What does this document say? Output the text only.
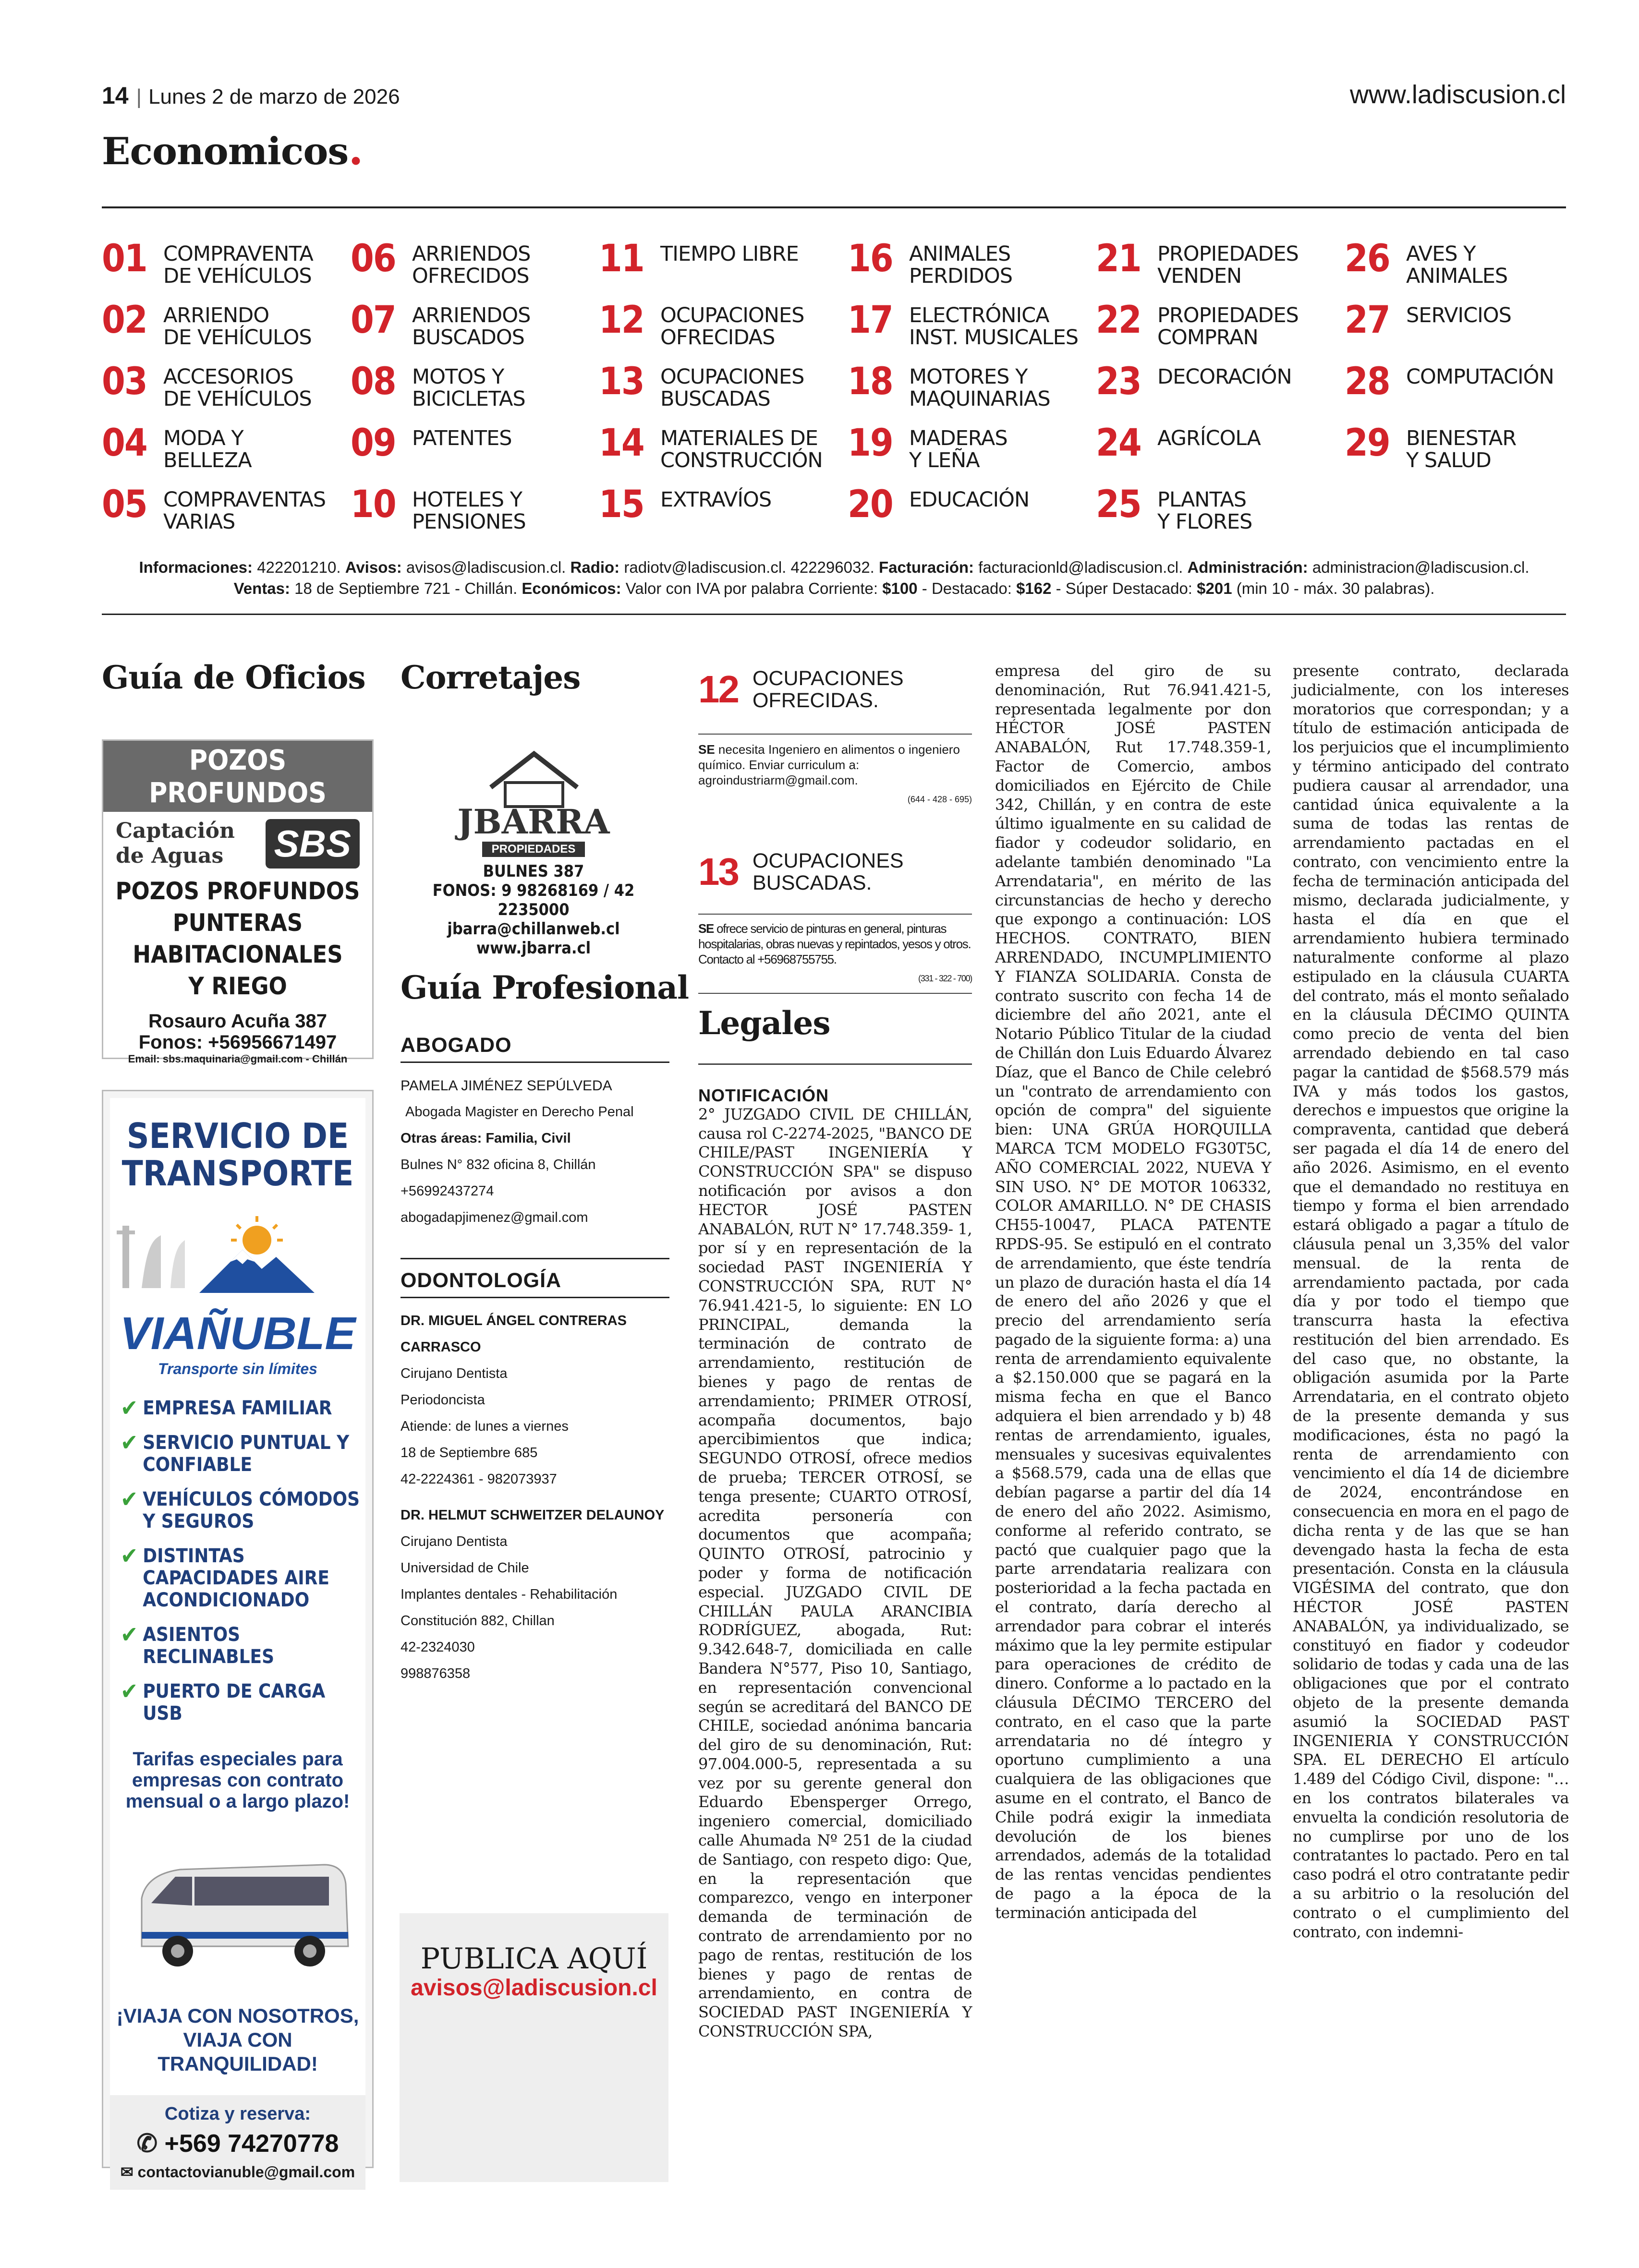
14 | Lunes 2 de marzo de 2026	www.ladiscusion.cl
Economicos.
01 COMPRAVENTA
DE VEHÍCULOS
02 ARRIENDO
DE VEHÍCULOS
03 ACCESORIOS
DE VEHÍCULOS
04 MODA Y
BELLEZA
05 COMPRAVENTAS
VARIAS
06 ARRIENDOS
OFRECIDOS
07 ARRIENDOS
BUSCADOS
08 MOTOS Y
BICICLETAS
09 PATENTES
10 HOTELES Y
PENSIONES
11 TIEMPO LIBRE
12 OCUPACIONES
OFRECIDAS
13 OCUPACIONES
BUSCADAS
14 MATERIALES DE
CONSTRUCCIÓN
15 EXTRAVÍOS
16 ANIMALES
PERDIDOS
17 ELECTRÓNICA
INST. MUSICALES
18 MOTORES Y
MAQUINARIAS
19 MADERAS
Y LEÑA
20 EDUCACIÓN
21 PROPIEDADES
VENDEN
22 PROPIEDADES
COMPRAN
23 DECORACIÓN
24 AGRÍCOLA
25 PLANTAS
Y FLORES
26 AVES Y
ANIMALES
27 SERVICIOS
28 COMPUTACIÓN
29 BIENESTAR
Y SALUD
Informaciones: 422201210. Avisos: avisos@ladiscusion.cl. Radio: radiotv@ladiscusion.cl. 422296032. Facturación: facturacionld@ladiscusion.cl. Administración: administracion@ladiscusion.cl.
Ventas: 18 de Septiembre 721 - Chillán. Económicos: Valor con IVA por palabra Corriente: $100 - Destacado: $162 - Súper Destacado: $201 (min 10 - máx. 30 palabras).
Guía de Oficios
POZOS PROFUNDOS
Captación
de Aguas	SBS
POZOS PROFUNDOS
PUNTERAS
HABITACIONALES
Y RIEGO
Rosauro Acuña 387
Fonos: +56956671497
Email: sbs.maquinaria@gmail.com - Chillán
SERVICIO DE
TRANSPORTE
VIAÑUBLE
Transporte sin límites
✔ EMPRESA FAMILIAR
✔ SERVICIO PUNTUAL Y CONFIABLE
✔ VEHÍCULOS CÓMODOS Y SEGUROS
✔ DISTINTAS CAPACIDADES AIRE ACONDICIONADO
✔ ASIENTOS RECLINABLES
✔ PUERTO DE CARGA USB
Tarifas especiales para empresas con contrato mensual o a largo plazo!
¡VIAJA CON NOSOTROS,
VIAJA CON TRANQUILIDAD!
Cotiza y reserva:
✆ +569 74270778
✉ contactovianuble@gmail.com
Corretajes
JBARRA
PROPIEDADES
BULNES 387
FONOS: 9 98268169 / 42 2235000
jbarra@chillanweb.cl
www.jbarra.cl
Guía Profesional
ABOGADO
PAMELA JIMÉNEZ SEPÚLVEDA
Abogada Magister en Derecho Penal
Otras áreas: Familia, Civil
Bulnes N° 832 oficina 8, Chillán
+56992437274
abogadapjimenez@gmail.com
ODONTOLOGÍA
DR. MIGUEL ÁNGEL CONTRERAS
CARRASCO
Cirujano Dentista
Periodoncista
Atiende: de lunes a viernes
18 de Septiembre 685
42-2224361 - 982073937
DR. HELMUT SCHWEITZER DELAUNOY
Cirujano Dentista
Universidad de Chile
Implantes dentales - Rehabilitación
Constitución 882, Chillan
42-2324030
998876358
PUBLICA AQUÍ
avisos@ladiscusion.cl
12 OCUPACIONES
OFRECIDAS.
SE necesita Ingeniero en alimentos o ingeniero químico. Enviar curriculum a: agroindustriarm@gmail.com.
(644 - 428 - 695)
13 OCUPACIONES
BUSCADAS.
SE ofrece servicio de pinturas en general, pinturas hospitalarias, obras nuevas y repintados, yesos y otros. Contacto al +56968755755.
(331 - 322 - 700)
Legales
NOTIFICACIÓN
2° JUZGADO CIVIL DE CHILLÁN, causa rol C-2274-2025, "BANCO DE CHILE/PAST INGENIERÍA Y CONSTRUCCIÓN SPA" se dispuso notificación por avisos a don HECTOR JOSÉ PASTEN ANABALÓN, RUT N° 17.748.359- 1, por sí y en representación de la sociedad PAST INGENIERÍA Y CONSTRUCCIÓN SPA, RUT N° 76.941.421-5, lo siguiente: EN LO PRINCIPAL, demanda la terminación de contrato de arrendamiento, restitución de bienes y pago de rentas de arrendamiento; PRIMER OTROSÍ, acompaña documentos, bajo apercibimientos que indica; SEGUNDO OTROSÍ, ofrece medios de prueba; TERCER OTROSÍ, se tenga presente; CUARTO OTROSÍ, acredita personería con documentos que acompaña; QUINTO OTROSÍ, patrocinio y poder y forma de notificación especial. JUZGADO CIVIL DE CHILLÁN PAULA ARANCIBIA RODRÍGUEZ, abogada, Rut: 9.342.648-7, domiciliada en calle Bandera N°577, Piso 10, Santiago, en representación convencional según se acreditará del BANCO DE CHILE, sociedad anónima bancaria del giro de su denominación, Rut: 97.004.000-5, representada a su vez por su gerente general don Eduardo Ebensperger Orrego, ingeniero comercial, domiciliado calle Ahumada Nº 251 de la ciudad de Santiago, con respeto digo: Que, en la representación que comparezco, vengo en interponer demanda de terminación de contrato de arrendamiento por no pago de rentas, restitución de los bienes y pago de rentas de arrendamiento, en contra de SOCIEDAD PAST INGENIERÍA Y CONSTRUCCIÓN SPA,
empresa del giro de su denominación, Rut 76.941.421-5, representada legalmente por don HÉCTOR JOSÉ PASTEN ANABALÓN, Rut 17.748.359-1, Factor de Comercio, ambos domiciliados en Ejército de Chile 342, Chillán, y en contra de este último igualmente en su calidad de fiador y codeudor solidario, en adelante también denominado "La Arrendataria", en mérito de las circunstancias de hecho y derecho que expongo a continuación: LOS HECHOS. CONTRATO, BIEN ARRENDADO, INCUMPLIMIENTO Y FIANZA SOLIDARIA. Consta de contrato suscrito con fecha 14 de diciembre del año 2021, ante el Notario Público Titular de la ciudad de Chillán don Luis Eduardo Álvarez Díaz, que el Banco de Chile celebró un "contrato de arrendamiento con opción de compra" del siguiente bien: UNA GRÚA HORQUILLA MARCA TCM MODELO FG30T5C, AÑO COMERCIAL 2022, NUEVA Y SIN USO. N° DE MOTOR 106332, COLOR AMARILLO. N° DE CHASIS CH55-10047, PLACA PATENTE RPDS-95. Se estipuló en el contrato de arrendamiento, que éste tendría un plazo de duración hasta el día 14 de enero del año 2026 y que el precio del arrendamiento sería pagado de la siguiente forma: a) una renta de arrendamiento equivalente a $2.150.000 que se pagará en la misma fecha en que el Banco adquiera el bien arrendado y b) 48 rentas de arrendamiento, iguales, mensuales y sucesivas equivalentes a $568.579, cada una de ellas que debían pagarse a partir del día 14 de enero del año 2022. Asimismo, conforme al referido contrato, se pactó que cualquier pago que la parte arrendataria realizara con posterioridad a la fecha pactada en el contrato, daría derecho al arrendador para cobrar el interés máximo que la ley permite estipular para operaciones de crédito de dinero. Conforme a lo pactado en la cláusula DÉCIMO TERCERO del contrato, en el caso que la parte arrendataria no dé íntegro y oportuno cumplimiento a una cualquiera de las obligaciones que asume en el contrato, el Banco de Chile podrá exigir la inmediata devolución de los bienes arrendados, además de la totalidad de las rentas vencidas pendientes de pago a la época de la terminación anticipada del
presente contrato, declarada judicialmente, con los intereses moratorios que correspondan; y a título de estimación anticipada de los perjuicios que el incumplimiento y término anticipado del contrato pudiera causar al arrendador, una cantidad única equivalente a la suma de todas las rentas de arrendamiento pactadas en el contrato, con vencimiento entre la fecha de terminación anticipada del mismo, declarada judicialmente, y hasta el día en que el arrendamiento hubiera terminado naturalmente conforme al plazo estipulado en la cláusula CUARTA del contrato, más el monto señalado en la cláusula DÉCIMO QUINTA como precio de venta del bien arrendado debiendo en tal caso pagar la cantidad de $568.579 más IVA y más todos los gastos, derechos e impuestos que origine la compraventa, cantidad que deberá ser pagada el día 14 de enero del año 2026. Asimismo, en el evento que el demandado no restituya en tiempo y forma el bien arrendado estará obligado a pagar a título de cláusula penal un 3,35% del valor mensual. de la renta de arrendamiento pactada, por cada día y por todo el tiempo que transcurra hasta la efectiva restitución del bien arrendado. Es del caso que, no obstante, la obligación asumida por la Parte Arrendataria, en el contrato objeto de la presente demanda y sus modificaciones, ésta no pagó la renta de arrendamiento con vencimiento el día 14 de diciembre de 2024, encontrándose en consecuencia en mora en el pago de dicha renta y de las que se han devengado hasta la fecha de esta presentación. Consta en la cláusula VIGÉSIMA del contrato, que don HÉCTOR JOSÉ PASTEN ANABALÓN, ya individualizado, se constituyó en fiador y codeudor solidario de todas y cada una de las obligaciones que por el contrato objeto de la presente demanda asumió la SOCIEDAD PAST INGENIERIA Y CONSTRUCCIÓN SPA. EL DERECHO El artículo 1.489 del Código Civil, dispone: "…en los contratos bilaterales va envuelta la condición resolutoria de no cumplirse por uno de los contratantes lo pactado. Pero en tal caso podrá el otro contratante pedir a su arbitrio o la resolución del contrato o el cumplimiento del contrato, con indemni-
